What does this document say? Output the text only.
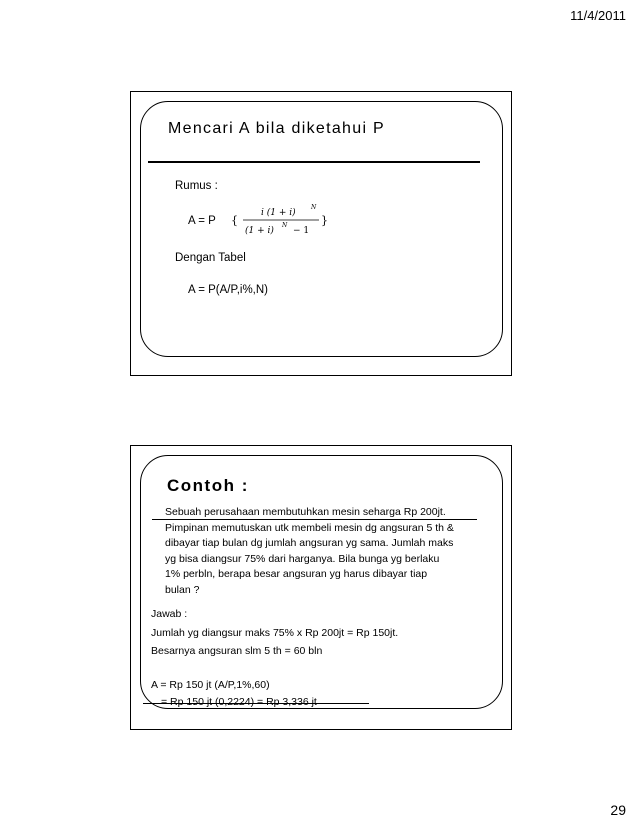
11/4/2011
Mencari A bila diketahui P
Rumus :
A = P {
i (1 + i)
N
(1 + i)
N
− 1
}
Dengan Tabel
A = P(A/P,i%,N)
Contoh :
Sebuah perusahaan membutuhkan mesin seharga Rp 200jt.
Pimpinan memutuskan utk membeli mesin dg angsuran 5 th &
dibayar tiap bulan dg jumlah angsuran yg sama. Jumlah maks
yg bisa diangsur 75% dari harganya. Bila bunga yg berlaku
1% perbln, berapa besar angsuran yg harus dibayar tiap
bulan ?
Jawab :
Jumlah yg diangsur maks 75% x Rp 200jt = Rp 150jt.
Besarnya angsuran slm 5 th = 60 bln
A = Rp 150 jt (A/P,1%,60)
= Rp 150 jt (0,2224) = Rp 3,336 jt
29
